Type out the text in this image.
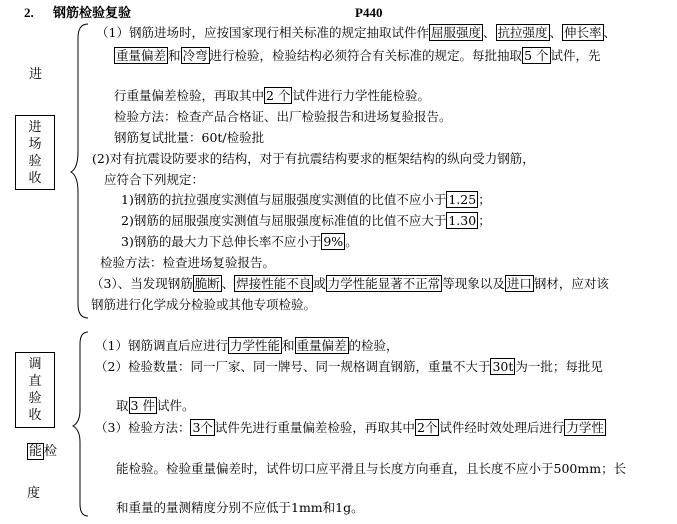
2. 钢筋检验复验	P440
进
进
场
验
收
（1）钢筋进场时，应按国家现行相关标准的规定抽取试件作 屈服强度 、 抗拉强度 、 伸长率 、
重量偏差 和 冷弯 进行检验，检验结构必须符合有关标准的规定。每批抽取 5 个 试件，先
行重量偏差检验，再取其中 2 个 试件进行力学性能检验。
检验方法：检查产品合格证、出厂检验报告和进场复验报告。
钢筋复试批量：60t/检验批
(2)对有抗震设防要求的结构，对于有抗震结构要求的框架结构的纵向受力钢筋，
应符合下列规定：
1)钢筋的抗拉强度实测值与屈服强度实测值的比值不应小于 1.25 ；
2)钢筋的屈服强度实测值与屈服强度标准值的比值不应大于 1.30 ；
3)钢筋的最大力下总伸长率不应小于 9% 。
检验方法：检查进场复验报告。
（3）、当发现钢筋 脆断 、 焊接性能不良 或 力学性能显著不正常 等现象以及 进口 钢材，应对该
钢筋进行化学成分检验或其他专项检验。
调
直
验
收
能 检
度
（1）钢筋调直后应进行 力学性能 和 重量偏差 的检验，
（2）检验数量：同一厂家、同一牌号、同一规格调直钢筋，重量不大于 30t 为一批；每批见
取 3 件 试件。
（3）检验方法： 3个 试件先进行重量偏差检验，再取其中 2个 试件经时效处理后进行 力学性
能检验。检验重量偏差时，试件切口应平滑且与长度方向垂直，且长度不应小于500mm；长
和重量的量测精度分别不应低于1mm和1g。
